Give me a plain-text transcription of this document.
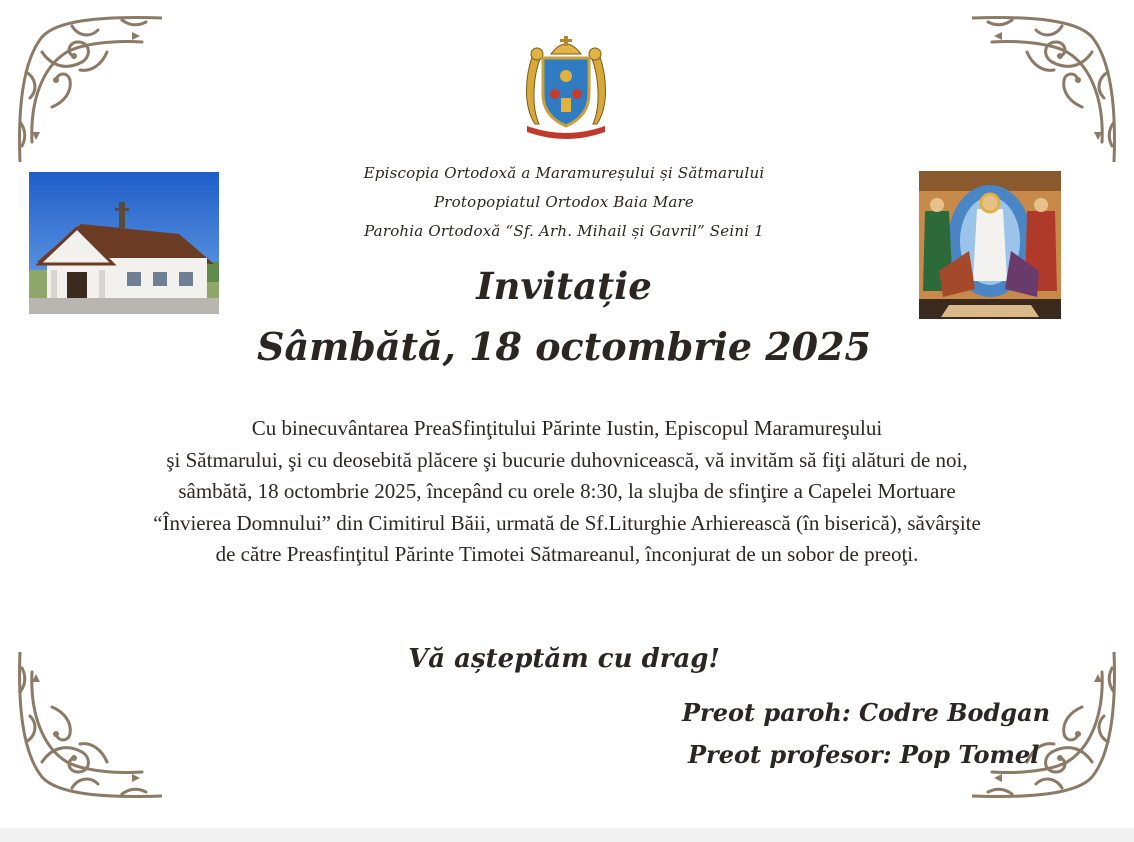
Episcopia Ortodoxă a Maramureșului și Sătmarului
Protopopiatul Ortodox Baia Mare
Parohia Ortodoxă “Sf. Arh. Mihail și Gavril” Seini 1
Invitație
Sâmbătă, 18 octombrie 2025
Cu binecuvântarea PreaSfinţitului Părinte Iustin, Episcopul Maramureşului
şi Sătmarului, şi cu deosebită plăcere şi bucurie duhovnicească, vă invităm să fiţi alături de noi,
sâmbătă, 18 octombrie 2025, începând cu orele 8:30, la slujba de sfinţire a Capelei Mortuare
“Învierea Domnului” din Cimitirul Băii, urmată de Sf.Liturghie Arhierească (în biserică), săvârşite
de către Preasfinţitul Părinte Timotei Sătmareanul, înconjurat de un sobor de preoţi.
Vă așteptăm cu drag!
Preot paroh: Codre Bodgan
Preot profesor: Pop Tomel
